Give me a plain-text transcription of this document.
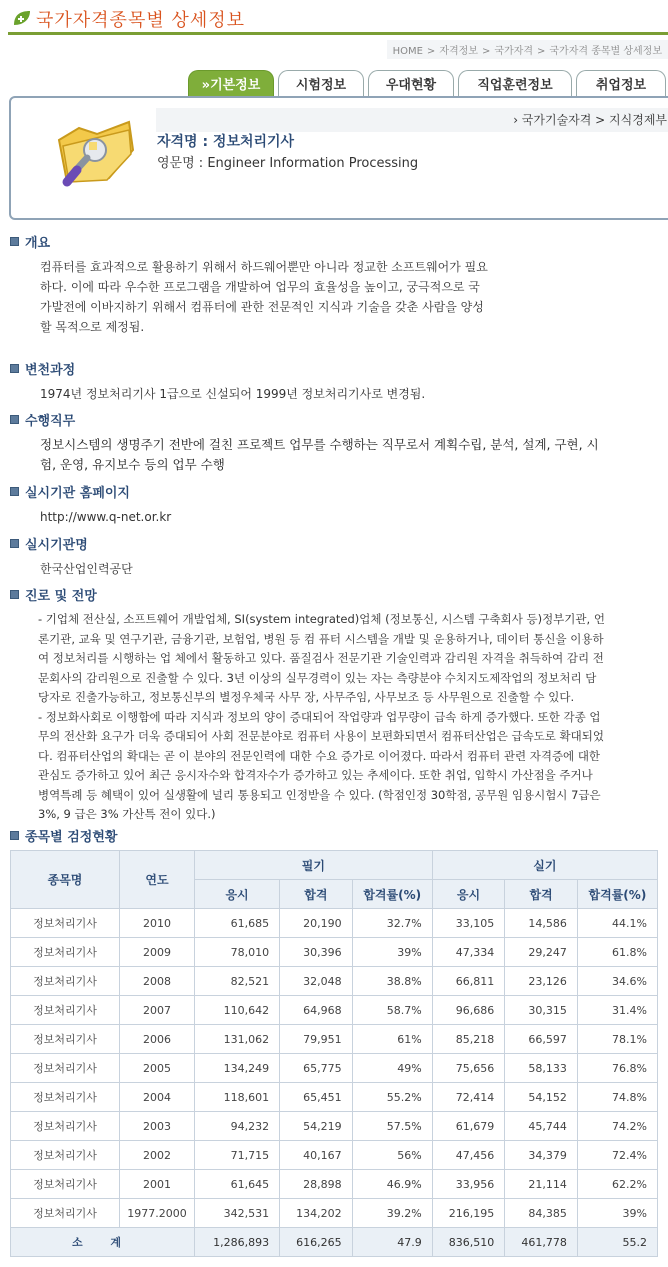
국가자격종목별 상세정보
HOME > 자격정보 > 국가자격 > 국가자격 종목별 상세정보
»기본정보	시험정보	우대현황	직업훈련정보	취업정보
› 국가기술자격 > 지식경제부
자격명 : 정보처리기사
영문명 : Engineer Information Processing
개요
컴퓨터를 효과적으로 활용하기 위해서 하드웨어뿐만 아니라 정교한 소프트웨어가 필요
하다. 이에 따라 우수한 프로그램을 개발하여 업무의 효율성을 높이고, 궁극적으로 국
가발전에 이바지하기 위해서 컴퓨터에 관한 전문적인 지식과 기술을 갖춘 사람을 양성
할 목적으로 제정됨.
변천과정
1974년 정보처리기사 1급으로 신설되어 1999년 정보처리기사로 변경됨.
수행직무
정보시스템의 생명주기 전반에 걸친 프로젝트 업무를 수행하는 직무로서 계획수립, 분석, 설계, 구현, 시
험, 운영, 유지보수 등의 업무 수행
실시기관 홈페이지
http://www.q-net.or.kr
실시기관명
한국산업인력공단
진로 및 전망
- 기업체 전산실, 소프트웨어 개발업체, SI(system integrated)업체 (정보통신, 시스템 구축회사 등)정부기관, 언
론기관, 교육 및 연구기관, 금융기관, 보험업, 병원 등 컴 퓨터 시스템을 개발 및 운용하거나, 데이터 통신을 이용하
여 정보처리를 시행하는 업 체에서 활동하고 있다. 품질검사 전문기관 기술인력과 감리원 자격을 취득하여 감리 전
문회사의 감리원으로 진출할 수 있다. 3년 이상의 실무경력이 있는 자는 측량분야 수치지도제작업의 정보처리 담
당자로 진출가능하고, 정보통신부의 별정우체국 사무 장, 사무주임, 사무보조 등 사무원으로 진출할 수 있다.
- 정보화사회로 이행함에 따라 지식과 정보의 양이 증대되어 작업량과 업무량이 급속 하게 증가했다. 또한 각종 업
무의 전산화 요구가 더욱 증대되어 사회 전문분야로 컴퓨터 사용이 보편화되면서 컴퓨터산업은 급속도로 확대되었
다. 컴퓨터산업의 확대는 곧 이 분야의 전문인력에 대한 수요 증가로 이어졌다. 따라서 컴퓨터 관련 자격증에 대한
관심도 증가하고 있어 최근 응시자수와 합격자수가 증가하고 있는 추세이다. 또한 취업, 입학시 가산점을 주거나
병역특례 등 혜택이 있어 실생활에 널리 통용되고 인정받을 수 있다. (학점인정 30학점, 공무원 임용시험시 7급은
3%, 9 급은 3% 가산특 전이 있다.)
종목별 검정현황
종목명	연도	필기			실기		
		응시	합격	합격률(%)	응시	합격	합격률(%)
정보처리기사	2010	61,685	20,190	32.7%	33,105	14,586	44.1%
정보처리기사	2009	78,010	30,396	39%	47,334	29,247	61.8%
정보처리기사	2008	82,521	32,048	38.8%	66,811	23,126	34.6%
정보처리기사	2007	110,642	64,968	58.7%	96,686	30,315	31.4%
정보처리기사	2006	131,062	79,951	61%	85,218	66,597	78.1%
정보처리기사	2005	134,249	65,775	49%	75,656	58,133	76.8%
정보처리기사	2004	118,601	65,451	55.2%	72,414	54,152	74.8%
정보처리기사	2003	94,232	54,219	57.5%	61,679	45,744	74.2%
정보처리기사	2002	71,715	40,167	56%	47,456	34,379	72.4%
정보처리기사	2001	61,645	28,898	46.9%	33,956	21,114	62.2%
정보처리기사	1977.2000	342,531	134,202	39.2%	216,195	84,385	39%
소 계		1,286,893	616,265	47.9	836,510	461,778	55.2
